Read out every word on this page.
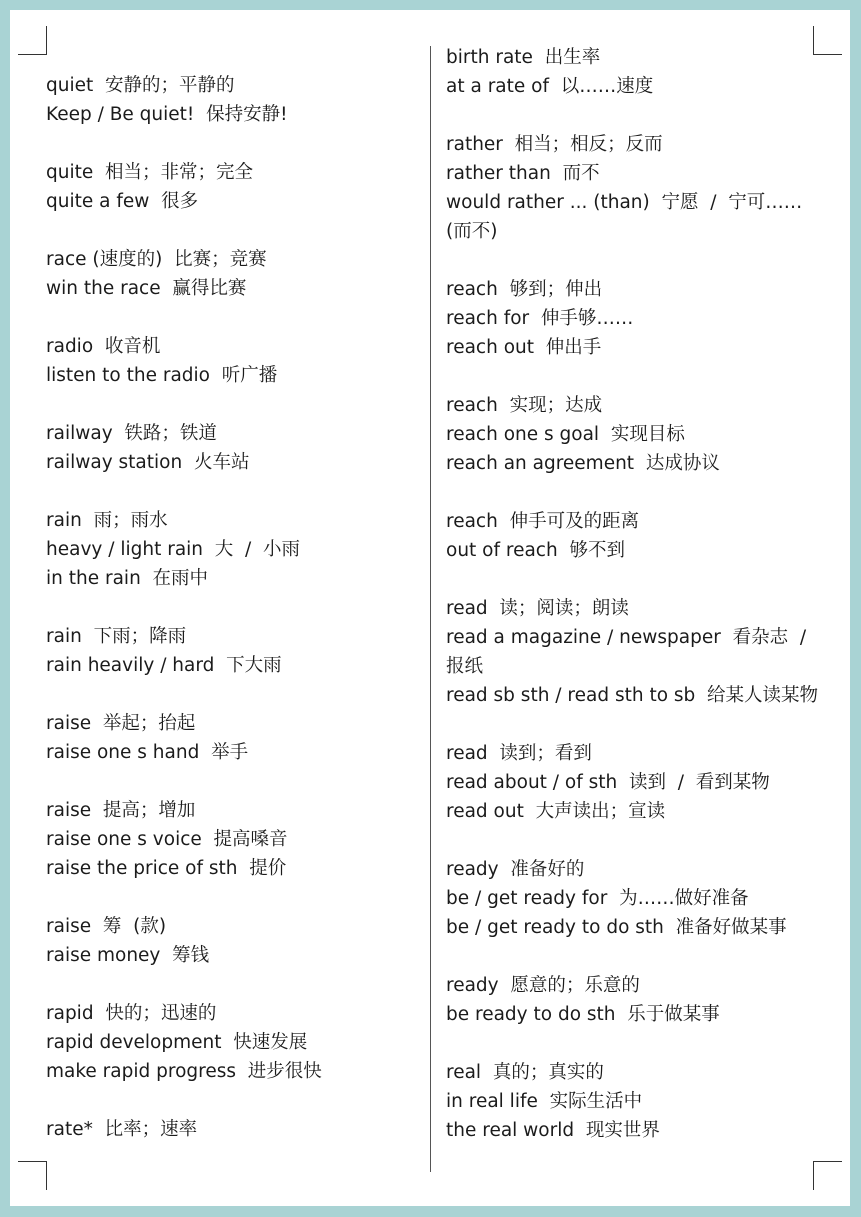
quiet  安静的；平静的
Keep / Be quiet!  保持安静!
quite  相当；非常；完全
quite a few  很多
race (速度的)  比赛；竞赛
win the race  赢得比赛
radio  收音机
listen to the radio  听广播
railway  铁路；铁道
railway station  火车站
rain  雨；雨水
heavy / light rain  大  /  小雨
in the rain  在雨中
rain  下雨；降雨
rain heavily / hard  下大雨
raise  举起；抬起
raise one s hand  举手
raise  提高；增加
raise one s voice  提高嗓音
raise the price of sth  提价
raise  筹  (款)
raise money  筹钱
rapid  快的；迅速的
rapid development  快速发展
make rapid progress  进步很快
rate*  比率；速率
birth rate  出生率
at a rate of  以……速度
rather  相当；相反；反而
rather than  而不
would rather ... (than)  宁愿  /  宁可……
(而不)
reach  够到；伸出
reach for  伸手够……
reach out  伸出手
reach  实现；达成
reach one s goal  实现目标
reach an agreement  达成协议
reach  伸手可及的距离
out of reach  够不到
read  读；阅读；朗读
read a magazine / newspaper  看杂志  /
报纸
read sb sth / read sth to sb  给某人读某物
read  读到；看到
read about / of sth  读到  /  看到某物
read out  大声读出；宣读
ready  准备好的
be / get ready for  为……做好准备
be / get ready to do sth  准备好做某事
ready  愿意的；乐意的
be ready to do sth  乐于做某事
real  真的；真实的
in real life  实际生活中
the real world  现实世界
